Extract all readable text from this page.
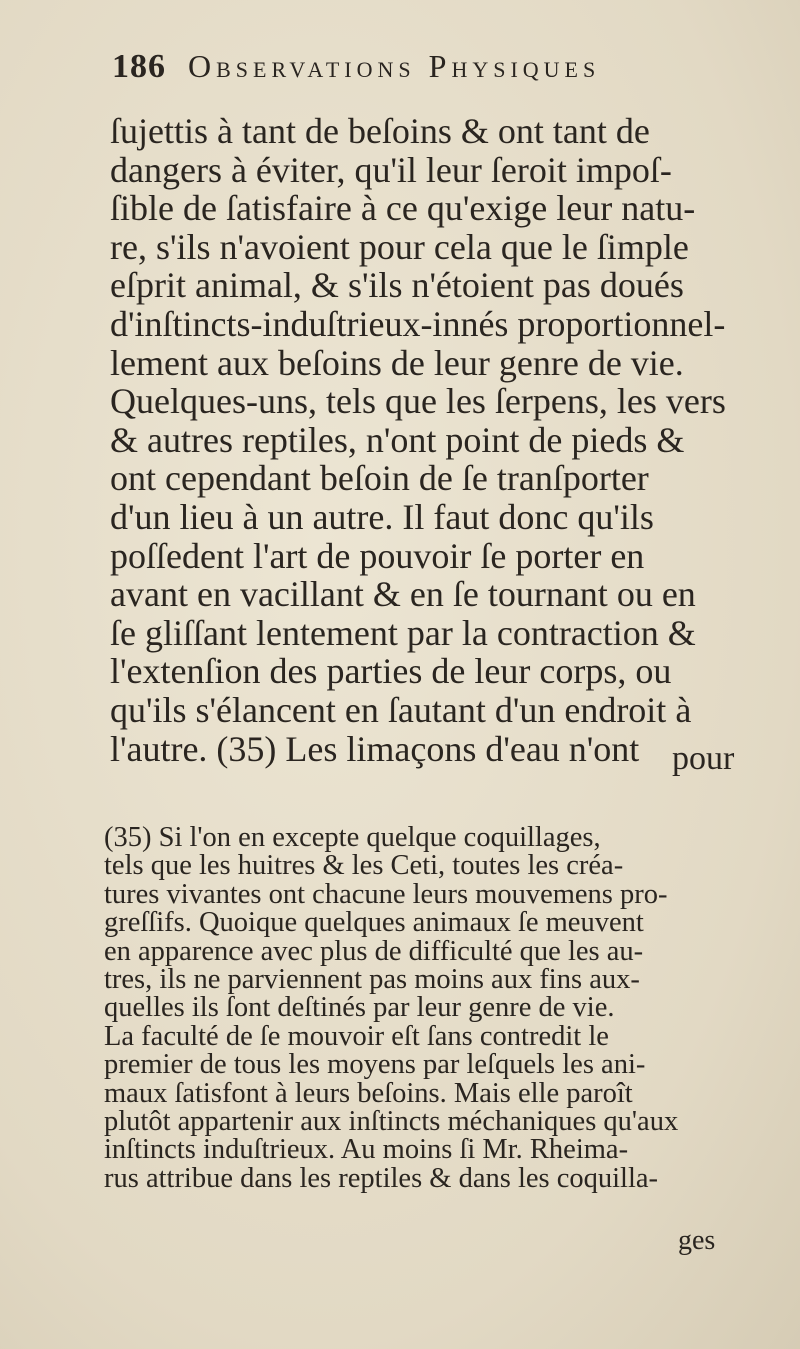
186 Observations Physiques
ſujettis à tant de beſoins & ont tant de
dangers à éviter, qu'il leur ſeroit impoſ-
ſible de ſatisfaire à ce qu'exige leur natu-
re, s'ils n'avoient pour cela que le ſimple
eſprit animal, & s'ils n'étoient pas doués
d'inſtincts-induſtrieux-innés proportionnel-
lement aux beſoins de leur genre de vie.
Quelques-uns, tels que les ſerpens, les vers
& autres reptiles, n'ont point de pieds &
ont cependant beſoin de ſe tranſporter
d'un lieu à un autre. Il faut donc qu'ils
poſſedent l'art de pouvoir ſe porter en
avant en vacillant & en ſe tournant ou en
ſe gliſſant lentement par la contraction &
l'extenſion des parties de leur corps, ou
qu'ils s'élancent en ſautant d'un endroit à
l'autre. (35) Les limaçons d'eau n'ont pour
(35) Si l'on en excepte quelque coquillages,
tels que les huitres & les Ceti, toutes les créa-
tures vivantes ont chacune leurs mouvemens pro-
greſſifs. Quoique quelques animaux ſe meuvent
en apparence avec plus de difficulté que les au-
tres, ils ne parviennent pas moins aux fins aux-
quelles ils ſont deſtinés par leur genre de vie.
La faculté de ſe mouvoir eſt ſans contredit le
premier de tous les moyens par leſquels les ani-
maux ſatisfont à leurs beſoins. Mais elle paroît
plutôt appartenir aux inſtincts méchaniques qu'aux
inſtincts induſtrieux. Au moins ſi Mr. Rheima-
rus attribue dans les reptiles & dans les coquilla-
ges
